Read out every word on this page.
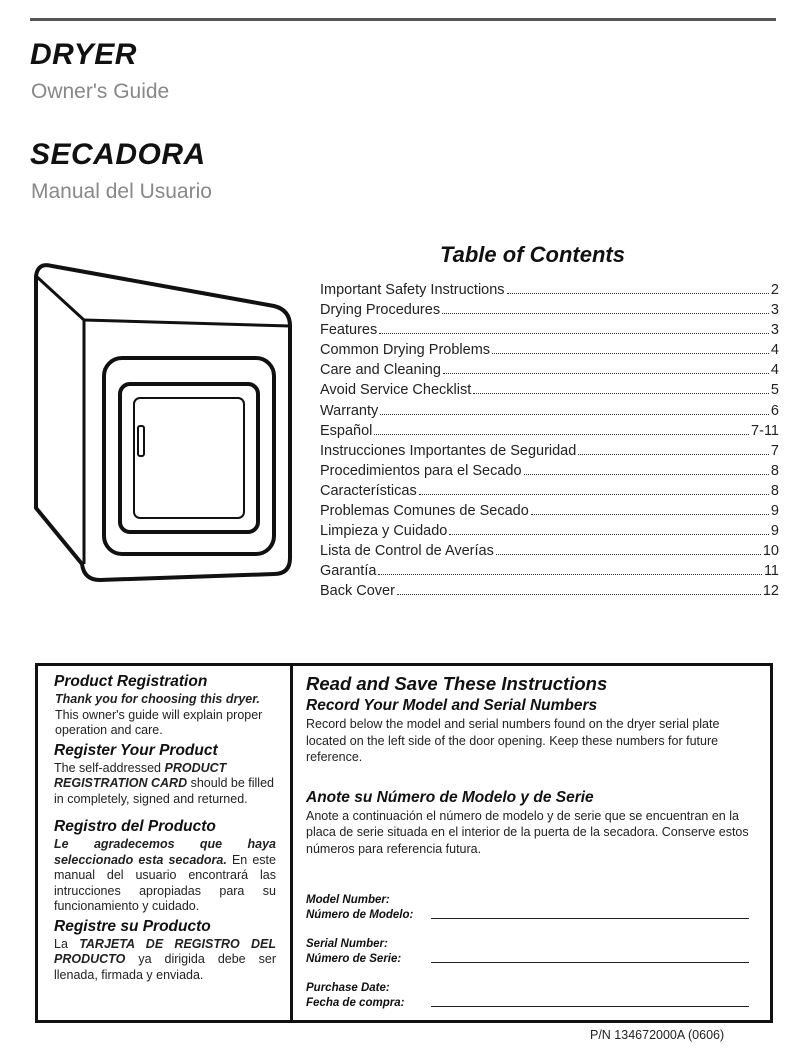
DRYER
Owner's Guide
SECADORA
Manual del Usuario
Table of Contents
Important Safety Instructions	2
Drying Procedures	3
Features	3
Common Drying Problems	4
Care and Cleaning	4
Avoid Service Checklist	5
Warranty	6
Español	7-11
Instrucciones Importantes de Seguridad	7
Procedimientos para el Secado	8
Características	8
Problemas Comunes de Secado	9
Limpieza y Cuidado	9
Lista de Control de Averías	10
Garantía	11
Back Cover	12
Product Registration

Thank you for choosing this dryer. This owner's guide will explain proper operation and care.

Register Your Product

The self-addressed PRODUCT REGISTRATION CARD should be filled in completely, signed and returned.

Registro del Producto

Le agradecemos que haya seleccionado esta secadora. En este manual del usuario encontrará las intrucciones apropiadas para su funcionamiento y cuidado.

Registre su Producto

La TARJETA DE REGISTRO DEL PRODUCTO ya dirigida debe ser llenada, firmada y enviada.

Read and Save These Instructions
Record Your Model and Serial Numbers

Record below the model and serial numbers found on the dryer serial plate located on the left side of the door opening. Keep these numbers for future reference.

Anote su Número de Modelo y de Serie

Anote a continuación el número de modelo y de serie que se encuentran en la placa de serie situada en el interior de la puerta de la secadora. Conserve estos números para referencia futura.

Model Number:
Número de Modelo:
Serial Number:
Número de Serie:
Purchase Date:
Fecha de compra:
P/N 134672000A (0606)
